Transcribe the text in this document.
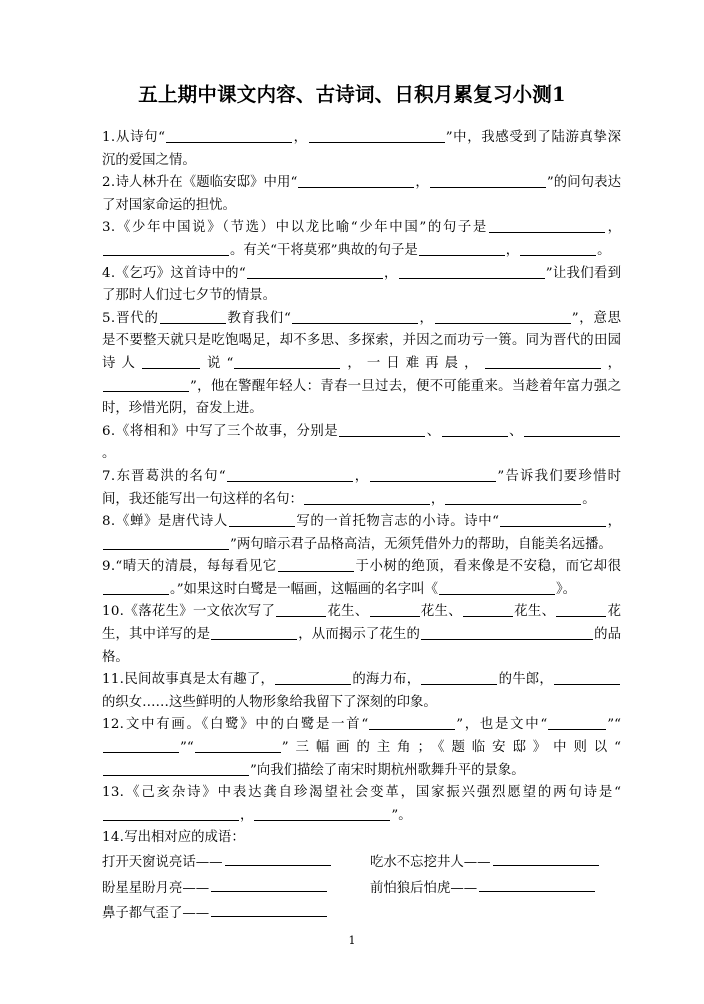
五上期中课文内容、古诗词、日积月累复习小测1

1.从诗句“	，	”中，我感受到了陆游真挚深沉的爱国之情。

2.诗人林升在《题临安邸》中用“	，	”的问句表达了对国家命运的担忧。

3.《少年中国说》（节选）中以龙比喻“少年中国”的句子是	，。有关“干将莫邪”典故的句子是	，	。

4.《乞巧》这首诗中的“	，	”让我们看到了那时人们过七夕节的情景。

5.晋代的	教育我们“	，	”，意思是不要整天就只是吃饱喝足，却不多思、多探索，并因之而功亏一篑。同为晋代的田园诗人	说“	，一日难再晨，	，”，他在警醒年轻人：青春一旦过去，便不可能重来。当趁着年富力强之时，珍惜光阴，奋发上进。

6.《将相和》中写了三个故事，分别是	、	、。

7.东晋葛洪的名句“	，	”告诉我们要珍惜时间，我还能写出一句这样的名句：	，	。

8.《蝉》是唐代诗人	写的一首托物言志的小诗。诗中“	，”两句暗示君子品格高洁，无须凭借外力的帮助，自能美名远播。

9.“晴天的清晨，每每看见它	于小树的绝顶，看来像是不安稳，而它却很。”如果这时白鹭是一幅画，这幅画的名字叫《	》。

10.《落花生》一文依次写了	花生、	花生、	花生、	花生，其中详写的是	，从而揭示了花生的	的品格。

11.民间故事真是太有趣了，	的海力布，	的牛郎，的织女……这些鲜明的人物形象给我留下了深刻的印象。

12.文中有画。《白鹭》中的白鹭是一首“	”，也是文中“	”“”“	”三幅画的主角；《题临安邸》中则以“”向我们描绘了南宋时期杭州歌舞升平的景象。

13.《己亥杂诗》中表达龚自珍渴望社会变革，国家振兴强烈愿望的两句诗是“，	”。

14.写出相对应的成语：

打开天窗说亮话——	吃水不忘挖井人——
盼星星盼月亮——	前怕狼后怕虎——
鼻子都气歪了——
1
